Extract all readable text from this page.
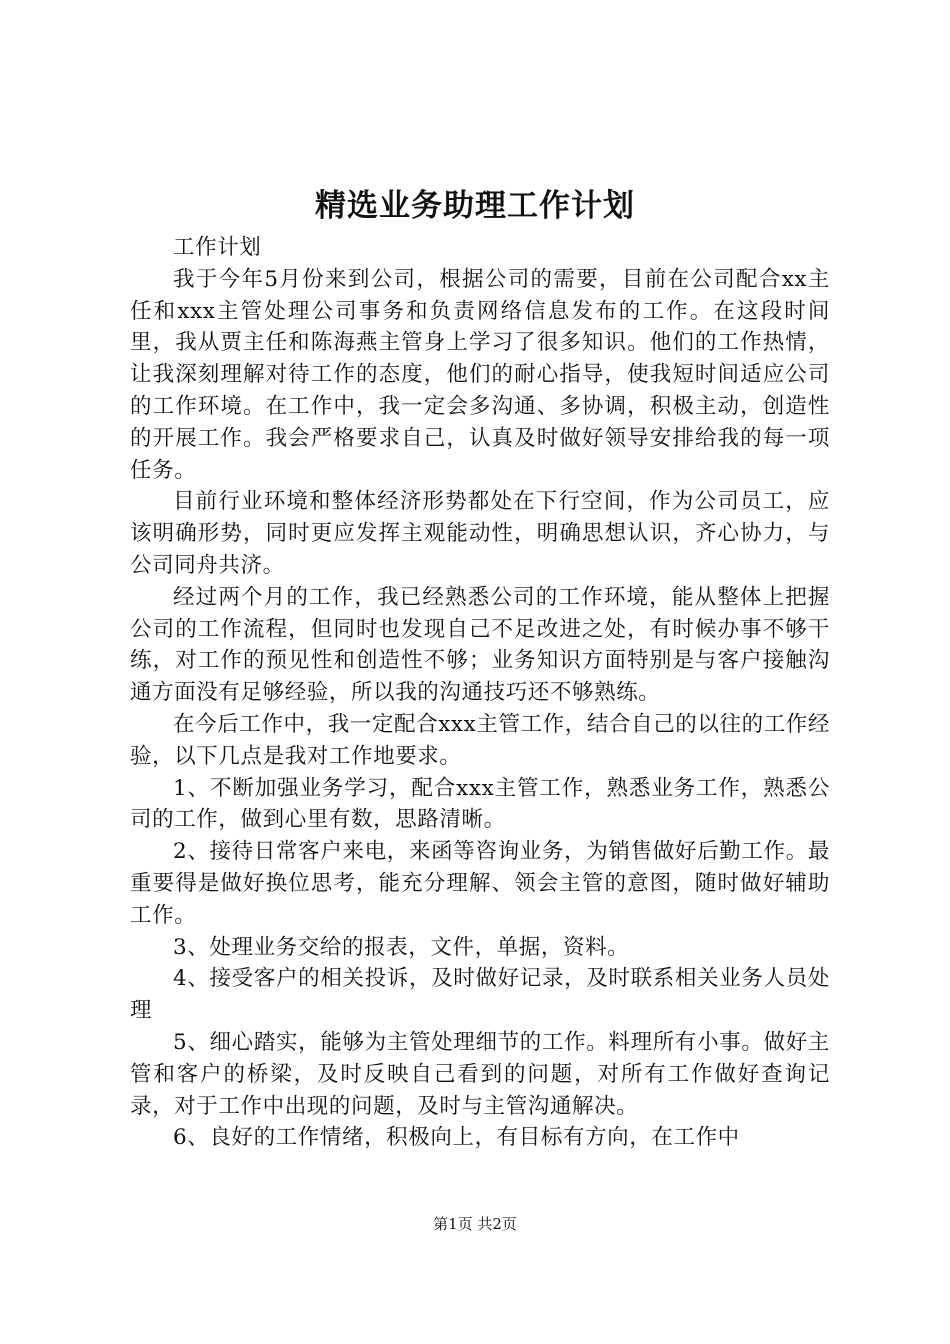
精选业务助理工作计划

工作计划

我于今年5月份来到公司，根据公司的需要，目前在公司配合xx主任和xxx主管处理公司事务和负责网络信息发布的工作。在这段时间里，我从贾主任和陈海燕主管身上学习了很多知识。他们的工作热情，让我深刻理解对待工作的态度，他们的耐心指导，使我短时间适应公司的工作环境。在工作中，我一定会多沟通、多协调，积极主动，创造性的开展工作。我会严格要求自己，认真及时做好领导安排给我的每一项任务。

目前行业环境和整体经济形势都处在下行空间，作为公司员工，应该明确形势，同时更应发挥主观能动性，明确思想认识，齐心协力，与公司同舟共济。

经过两个月的工作，我已经熟悉公司的工作环境，能从整体上把握公司的工作流程，但同时也发现自己不足改进之处，有时候办事不够干练，对工作的预见性和创造性不够；业务知识方面特别是与客户接触沟通方面没有足够经验，所以我的沟通技巧还不够熟练。

在今后工作中，我一定配合xxx主管工作，结合自己的以往的工作经验，以下几点是我对工作地要求。

1、不断加强业务学习，配合xxx主管工作，熟悉业务工作，熟悉公司的工作，做到心里有数，思路清晰。

2、接待日常客户来电，来函等咨询业务，为销售做好后勤工作。最重要得是做好换位思考，能充分理解、领会主管的意图，随时做好辅助工作。

3、处理业务交给的报表，文件，单据，资料。

4、接受客户的相关投诉，及时做好记录，及时联系相关业务人员处理

5、细心踏实，能够为主管处理细节的工作。料理所有小事。做好主管和客户的桥梁，及时反映自己看到的问题，对所有工作做好查询记录，对于工作中出现的问题，及时与主管沟通解决。

6、良好的工作情绪，积极向上，有目标有方向，在工作中

第1页 共2页
